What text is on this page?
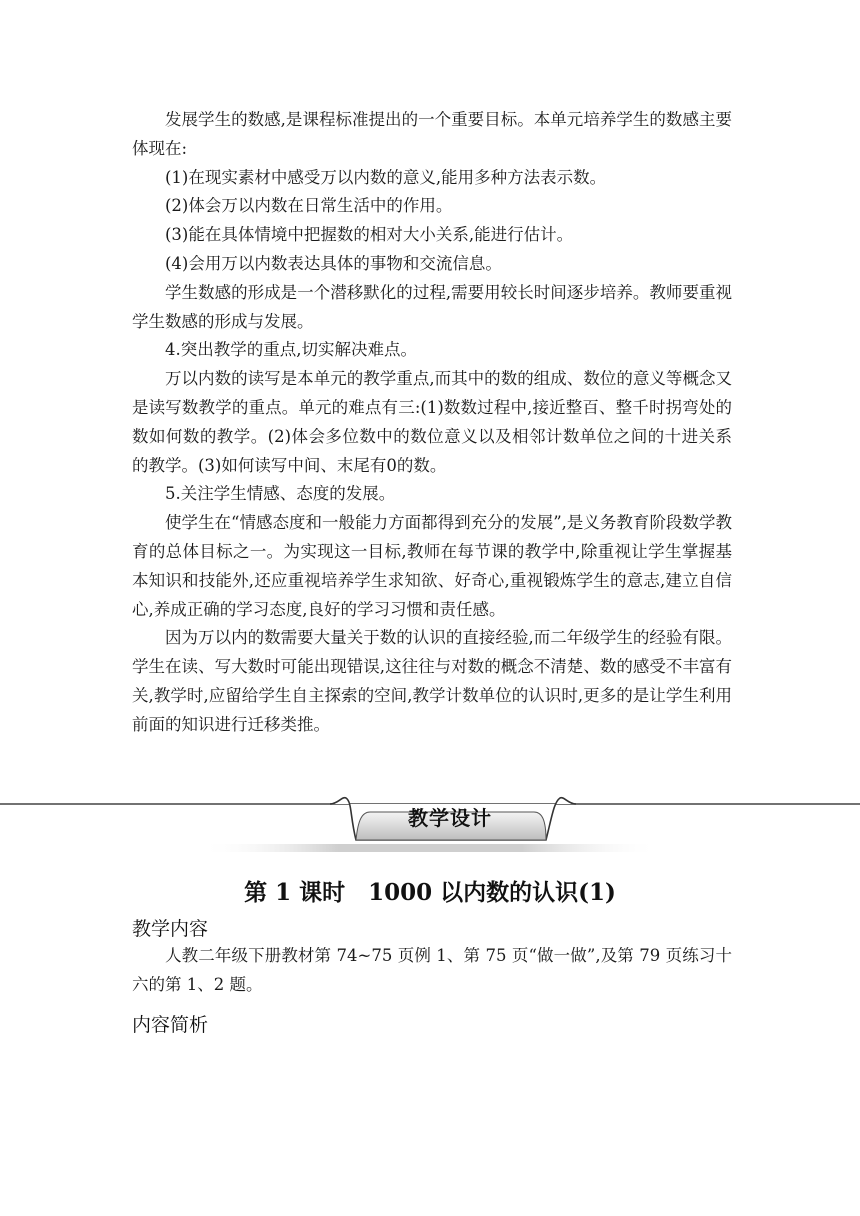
发展学生的数感,是课程标准提出的一个重要目标。本单元培养学生的数感主要体现在:

(1)在现实素材中感受万以内数的意义,能用多种方法表示数。

(2)体会万以内数在日常生活中的作用。

(3)能在具体情境中把握数的相对大小关系,能进行估计。

(4)会用万以内数表达具体的事物和交流信息。

学生数感的形成是一个潜移默化的过程,需要用较长时间逐步培养。教师要重视学生数感的形成与发展。

4.突出教学的重点,切实解决难点。

万以内数的读写是本单元的教学重点,而其中的数的组成、数位的意义等概念又是读写数教学的重点。单元的难点有三:(1)数数过程中,接近整百、整千时拐弯处的数如何数的教学。(2)体会多位数中的数位意义以及相邻计数单位之间的十进关系的教学。(3)如何读写中间、末尾有0的数。

5.关注学生情感、态度的发展。

使学生在“情感态度和一般能力方面都得到充分的发展”,是义务教育阶段数学教育的总体目标之一。为实现这一目标,教师在每节课的教学中,除重视让学生掌握基本知识和技能外,还应重视培养学生求知欲、好奇心,重视锻炼学生的意志,建立自信心,养成正确的学习态度,良好的学习习惯和责任感。

因为万以内的数需要大量关于数的认识的直接经验,而二年级学生的经验有限。学生在读、写大数时可能出现错误,这往往与对数的概念不清楚、数的感受不丰富有关,教学时,应留给学生自主探索的空间,教学计数单位的认识时,更多的是让学生利用前面的知识进行迁移类推。

教学设计
第 1 课时　1000 以内数的认识(1)
教学内容

人教二年级下册教材第 74~75 页例 1、第 75 页“做一做”,及第 79 页练习十六的第 1、2 题。

内容简析
